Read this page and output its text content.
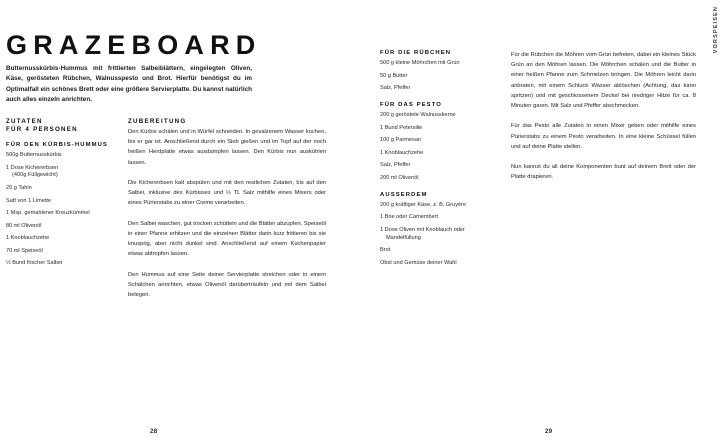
GRAZEBOARD

Butternusskürbis-Hummus mit frittierten Salbeiblättern, eingelegten Oliven, Käse, gerösteten Rübchen, Walnusspesto und Brot. Hierfür benötigst du im Optimalfall ein schönes Brett oder eine größere Servierplatte. Du kannst natürlich auch alles einzeln anrichten.

ZUTATEN
FÜR 4 PERSONEN
FÜR DEN KÜRBIS-HUMMUS
500g Butternusskürbis
1 Dose Kichererbsen
(400g Füllgewicht)
20 g Tahin
Saft von 1 Limette
1 Msp. gemahlener Kreuzkümmel
80 ml Olivenöl
1 Knoblauchzehe
70 ml Speiseöl
½ Bund frischer Salbei
ZUBEREITUNG

Den Kürbis schälen und in Würfel schneiden. In gesalzenem Wasser kochen, bis er gar ist. Anschließend durch ein Sieb gießen und im Topf auf der noch heißen Herdplatte etwas ausdampfen lassen. Den Kürbis nun auskühlen lassen.

Die Kichererbsen kalt abspülen und mit den restlichen Zutaten, bis auf den Salbei, inklusive des Kürbisses und ½ TL Salz mithilfe eines Mixers oder eines Pürierstabs zu einer Creme verarbeiten.

Den Salbei waschen, gut trocken schütteln und die Blätter abzupfen. Speiseöl in einer Pfanne erhitzen und die einzelnen Blätter darin kurz frittieren bis sie knusprig, aber nicht dunkel sind. Anschließend auf einem Küchenpapier etwas abtropfen lassen.

Den Hummus auf eine Seite deiner Servierplatte streichen oder in einem Schälchen anrichten, etwas Olivenöl darüberträufeln und mit dem Salbei belegen.

FÜR DIE RÜBCHEN
500 g kleine Möhrchen mit Grün
50 g Butter
Salz, Pfeffer
FÜR DAS PESTO
200 g geröstete Walnusskerne
1 Bund Petersilie
100 g Parmesan
1 Knoblauchzehe
Salz, Pfeffer
200 ml Olivenöl
AUSSERDEM
200 g kräftiger Käse, z. B. Gruyère
1 Brie oder Camembert
1 Dose Oliven mit Knoblauch oder
Mandelfüllung
Brot
Obst und Gemüse deiner Wahl

Für die Rübchen die Möhren vom Grün befreien, dabei ein kleines Stück Grün an den Möhren lassen. Die Möhrchen schälen und die Butter in einer heißen Pfanne zum Schmelzen bringen. Die Möhren leicht darin anbraten, mit einem Schluck Wasser ablöschen (Achtung, das kann spritzen) und mit geschlossenem Deckel bei niedriger Hitze für ca. 8 Minuten garen. Mit Salz und Pfeffer abschmecken.

Für das Pesto alle Zutaten in einen Mixer geben oder mithilfe eines Pürierstabs zu einem Pesto verarbeiten. In eine kleine Schüssel füllen und auf deine Platte stellen.

Nun kannst du all deine Komponenten bunt auf deinem Brett oder der Platte drapieren.

VORSPEISEN
28	29
